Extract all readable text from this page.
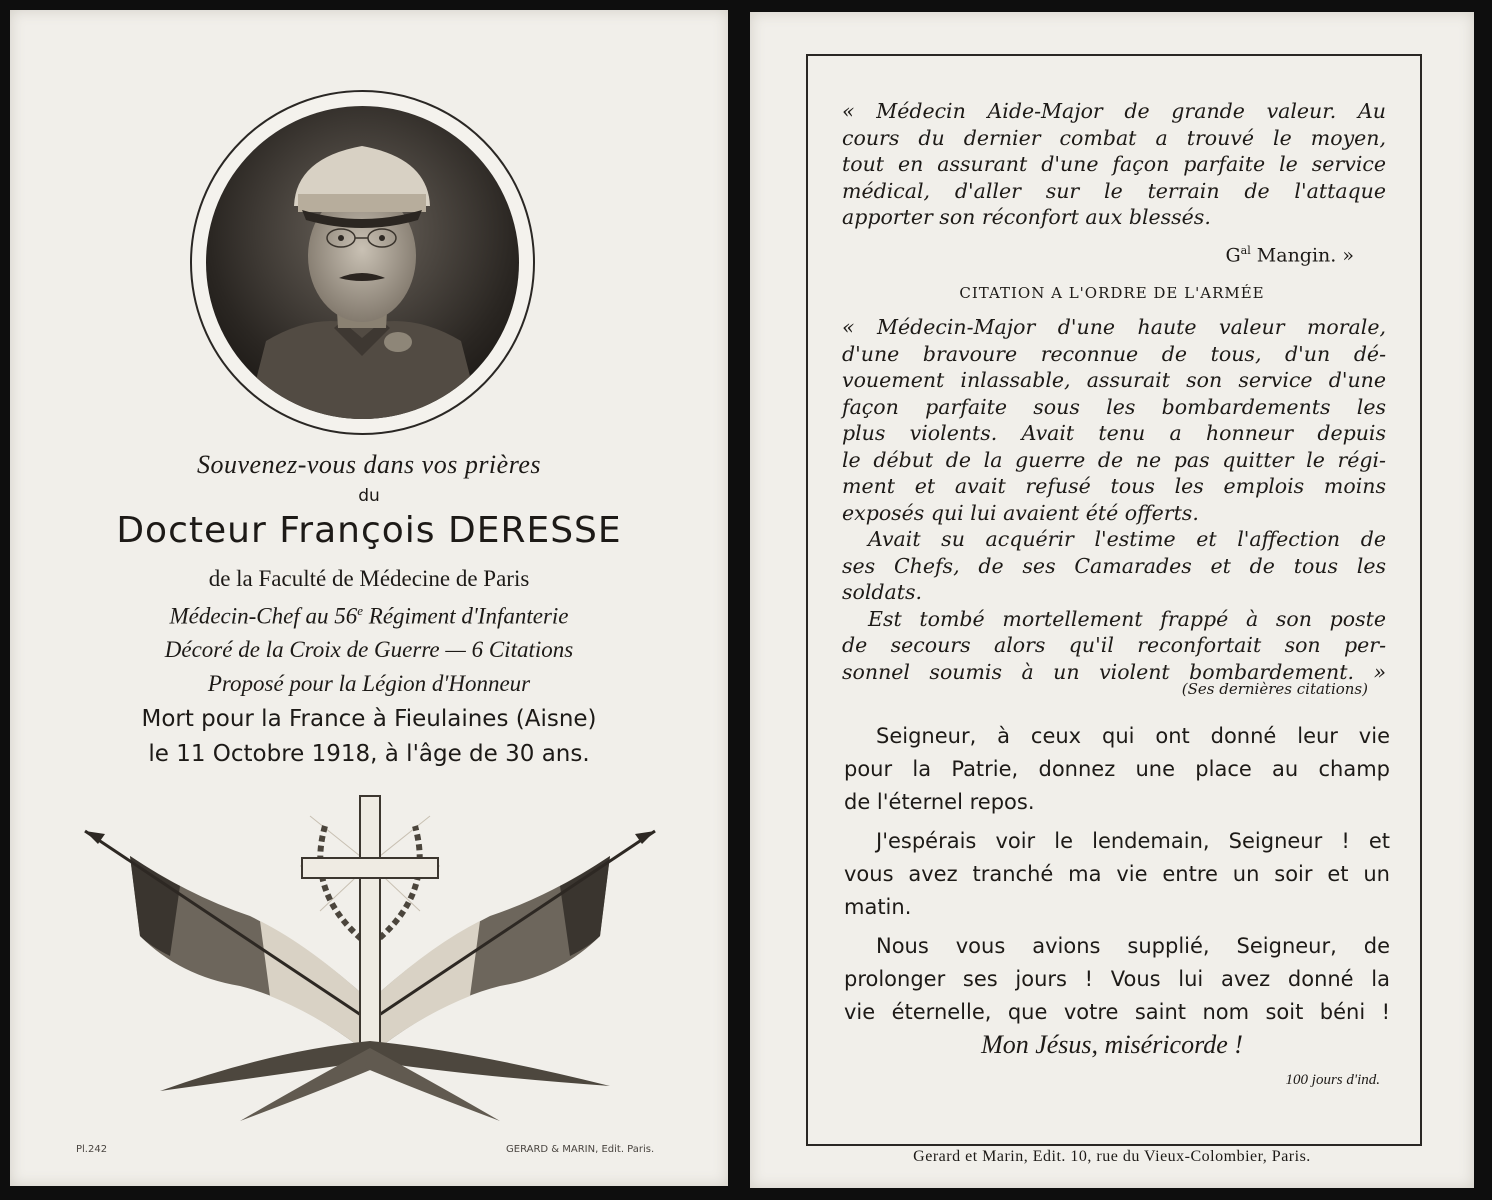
Souvenez-vous dans vos prières
du
Docteur François DERESSE
de la Faculté de Médecine de Paris
Médecin-Chef au 56e Régiment d'Infanterie
Décoré de la Croix de Guerre — 6 Citations
Proposé pour la Légion d'Honneur
Mort pour la France à Fieulaines (Aisne)
le 11 Octobre 1918, à l'âge de 30 ans.
Pl.242	GERARD & MARIN, Edit. Paris.

« Médecin Aide-Major de grande valeur. Au

cours du dernier combat a trouvé le moyen,

tout en assurant d'une façon parfaite le service

médical, d'aller sur le terrain de l'attaque

apporter son réconfort aux blessés.

$G^{al}$ Mangin. »
CITATION A L'ORDRE DE L'ARMÉE

« Médecin-Major d'une haute valeur morale,

d'une bravoure reconnue de tous, d'un dé-

vouement inlassable, assurait son service d'une

façon parfaite sous les bombardements les

plus violents. Avait tenu a honneur depuis

le début de la guerre de ne pas quitter le régi-

ment et avait refusé tous les emplois moins

exposés qui lui avaient été offerts.

Avait su acquérir l'estime et l'affection de

ses Chefs, de ses Camarades et de tous les

soldats.

Est tombé mortellement frappé à son poste

de secours alors qu'il reconfortait son per-

sonnel soumis à un violent bombardement. »

(Ses dernières citations)

Seigneur, à ceux qui ont donné leur vie

pour la Patrie, donnez une place au champ

de l'éternel repos.

J'espérais voir le lendemain, Seigneur ! et

vous avez tranché ma vie entre un soir et un

matin.

Nous vous avions supplié, Seigneur, de

prolonger ses jours ! Vous lui avez donné la

vie éternelle, que votre saint nom soit béni !

Mon Jésus, miséricorde !
100 jours d'ind.
Gerard et Marin, Edit. 10, rue du Vieux-Colombier, Paris.
